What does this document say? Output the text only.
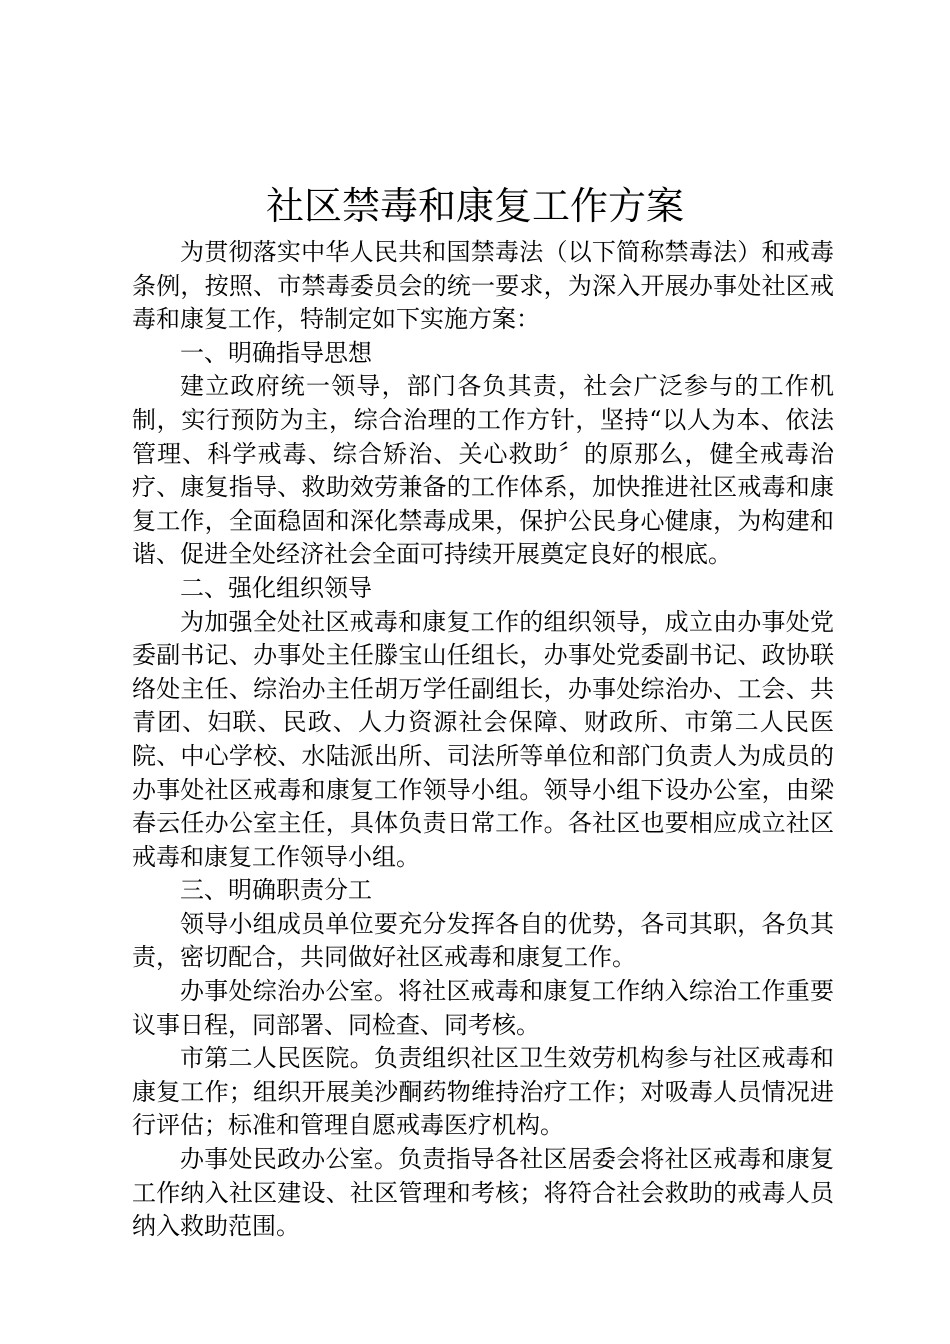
社区禁毒和康复工作方案

为贯彻落实中华人民共和国禁毒法（以下简称禁毒法）和戒毒条例，按照、市禁毒委员会的统一要求，为深入开展办事处社区戒毒和康复工作，特制定如下实施方案：

一、明确指导思想

建立政府统一领导，部门各负其责，社会广泛参与的工作机制，实行预防为主，综合治理的工作方针，坚持“以人为本、依法管理、科学戒毒、综合矫治、关心救助〞的原那么，健全戒毒治疗、康复指导、救助效劳兼备的工作体系，加快推进社区戒毒和康复工作，全面稳固和深化禁毒成果，保护公民身心健康，为构建和谐、促进全处经济社会全面可持续开展奠定良好的根底。

二、强化组织领导

为加强全处社区戒毒和康复工作的组织领导，成立由办事处党委副书记、办事处主任滕宝山任组长，办事处党委副书记、政协联络处主任、综治办主任胡万学任副组长，办事处综治办、工会、共青团、妇联、民政、人力资源社会保障、财政所、市第二人民医院、中心学校、水陆派出所、司法所等单位和部门负责人为成员的办事处社区戒毒和康复工作领导小组。领导小组下设办公室，由梁春云任办公室主任，具体负责日常工作。各社区也要相应成立社区戒毒和康复工作领导小组。

三、明确职责分工

领导小组成员单位要充分发挥各自的优势，各司其职，各负其责，密切配合，共同做好社区戒毒和康复工作。

办事处综治办公室。将社区戒毒和康复工作纳入综治工作重要议事日程，同部署、同检查、同考核。

市第二人民医院。负责组织社区卫生效劳机构参与社区戒毒和康复工作；组织开展美沙酮药物维持治疗工作；对吸毒人员情况进行评估；标准和管理自愿戒毒医疗机构。

办事处民政办公室。负责指导各社区居委会将社区戒毒和康复工作纳入社区建设、社区管理和考核；将符合社会救助的戒毒人员纳入救助范围。
